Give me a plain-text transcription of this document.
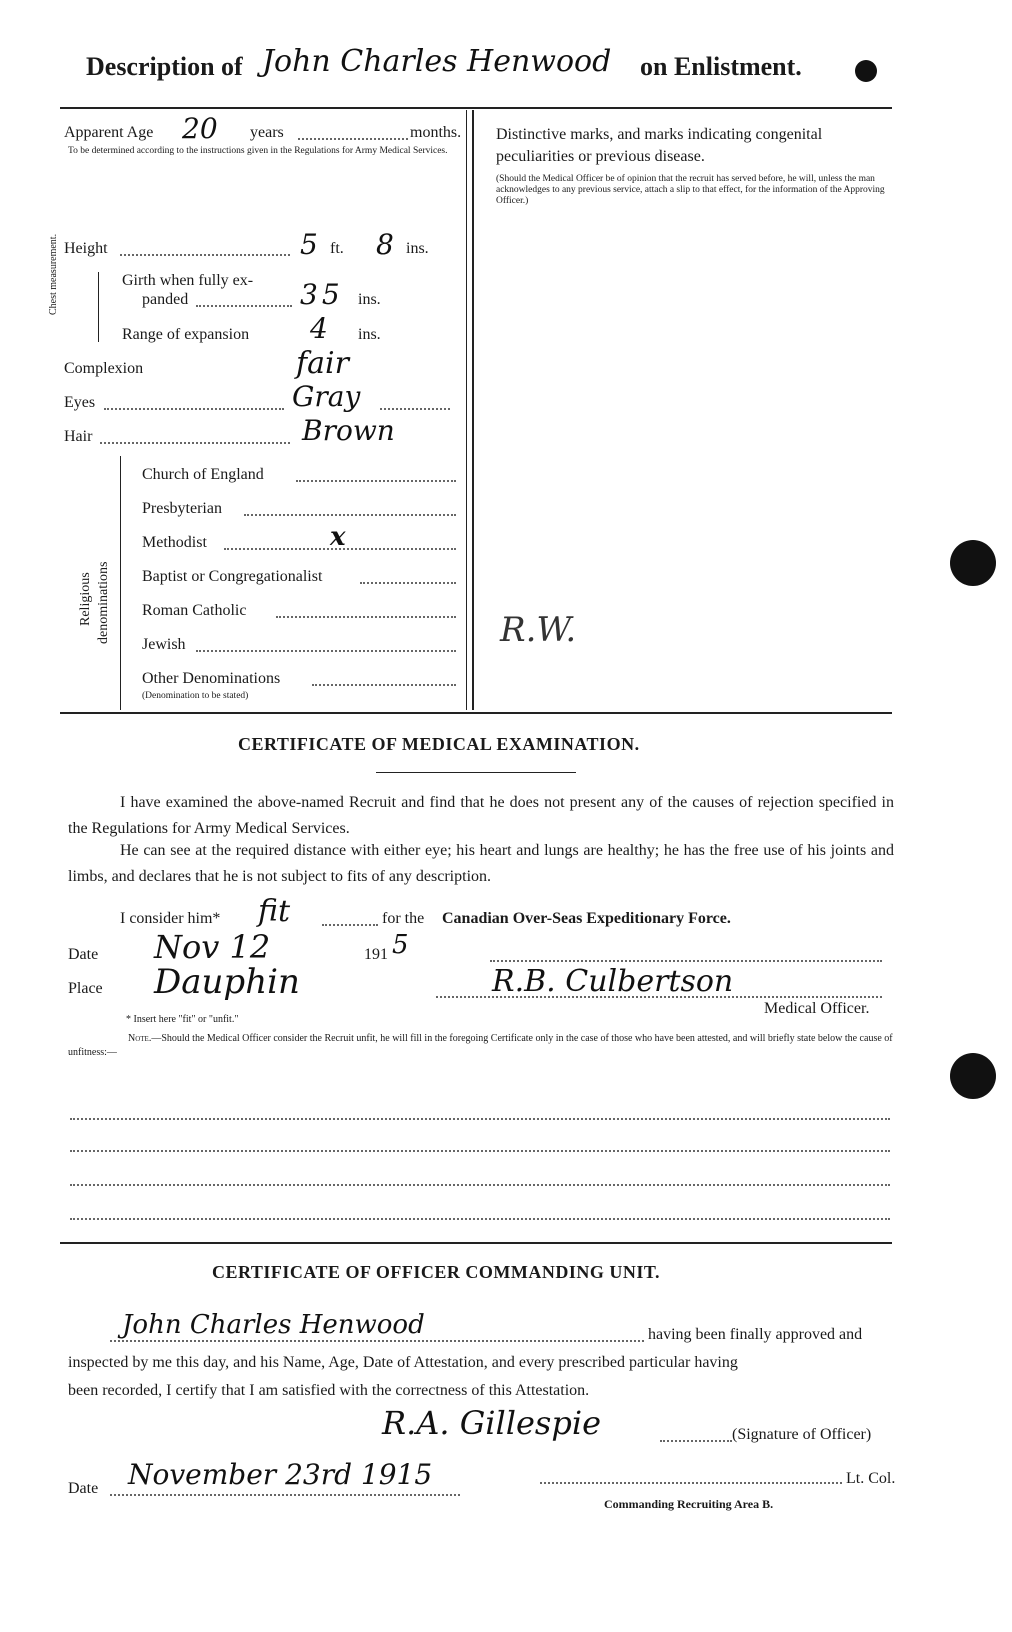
Description of John Charles Henwood on Enlistment.
Apparent Age 20 years	months.
To be determined according to the instructions given in the Regulations for Army Medical Services.
Distinctive marks, and marks indicating congenital peculiarities or previous disease.
(Should the Medical Officer be of opinion that the recruit has served before, he will, unless the man acknowledges to any previous service, attach a slip to that effect, for the information of the Approving Officer.)
R.W.
Height	5 ft. 8 ins.
Chest measurement.	Girth when fully ex-
panded	35 ins.
Range of expansion 4 ins.
Complexion	fair
Eyes	Gray
Hair	Brown
Religious denominations
Church of England
Presbyterian
Methodist	x
Baptist or Congregationalist
Roman Catholic
Jewish
Other Denominations
(Denomination to be stated)
CERTIFICATE OF MEDICAL EXAMINATION.
I have examined the above-named Recruit and find that he does not present any of the causes of rejection specified in the Regulations for Army Medical Services.
He can see at the required distance with either eye; his heart and lungs are healthy; he has the free use of his joints and limbs, and declares that he is not subject to fits of any description.
I consider him* fit	for the Canadian Over-Seas Expeditionary Force.
Date Nov 12	191 5
Place Dauphin	R.B. Culbertson
Medical Officer.
* Insert here "fit" or "unfit."
Note.—Should the Medical Officer consider the Recruit unfit, he will fill in the foregoing Certificate only in the case of those who have been attested, and will briefly state below the cause of unfitness:—
CERTIFICATE OF OFFICER COMMANDING UNIT.
John Charles Henwood	having been finally approved and
inspected by me this day, and his Name, Age, Date of Attestation, and every prescribed particular having
been recorded, I certify that I am satisfied with the correctness of this Attestation.
R.A. Gillespie	(Signature of Officer)
Date November 23rd 1915	Lt. Col.
Commanding Recruiting Area B.
